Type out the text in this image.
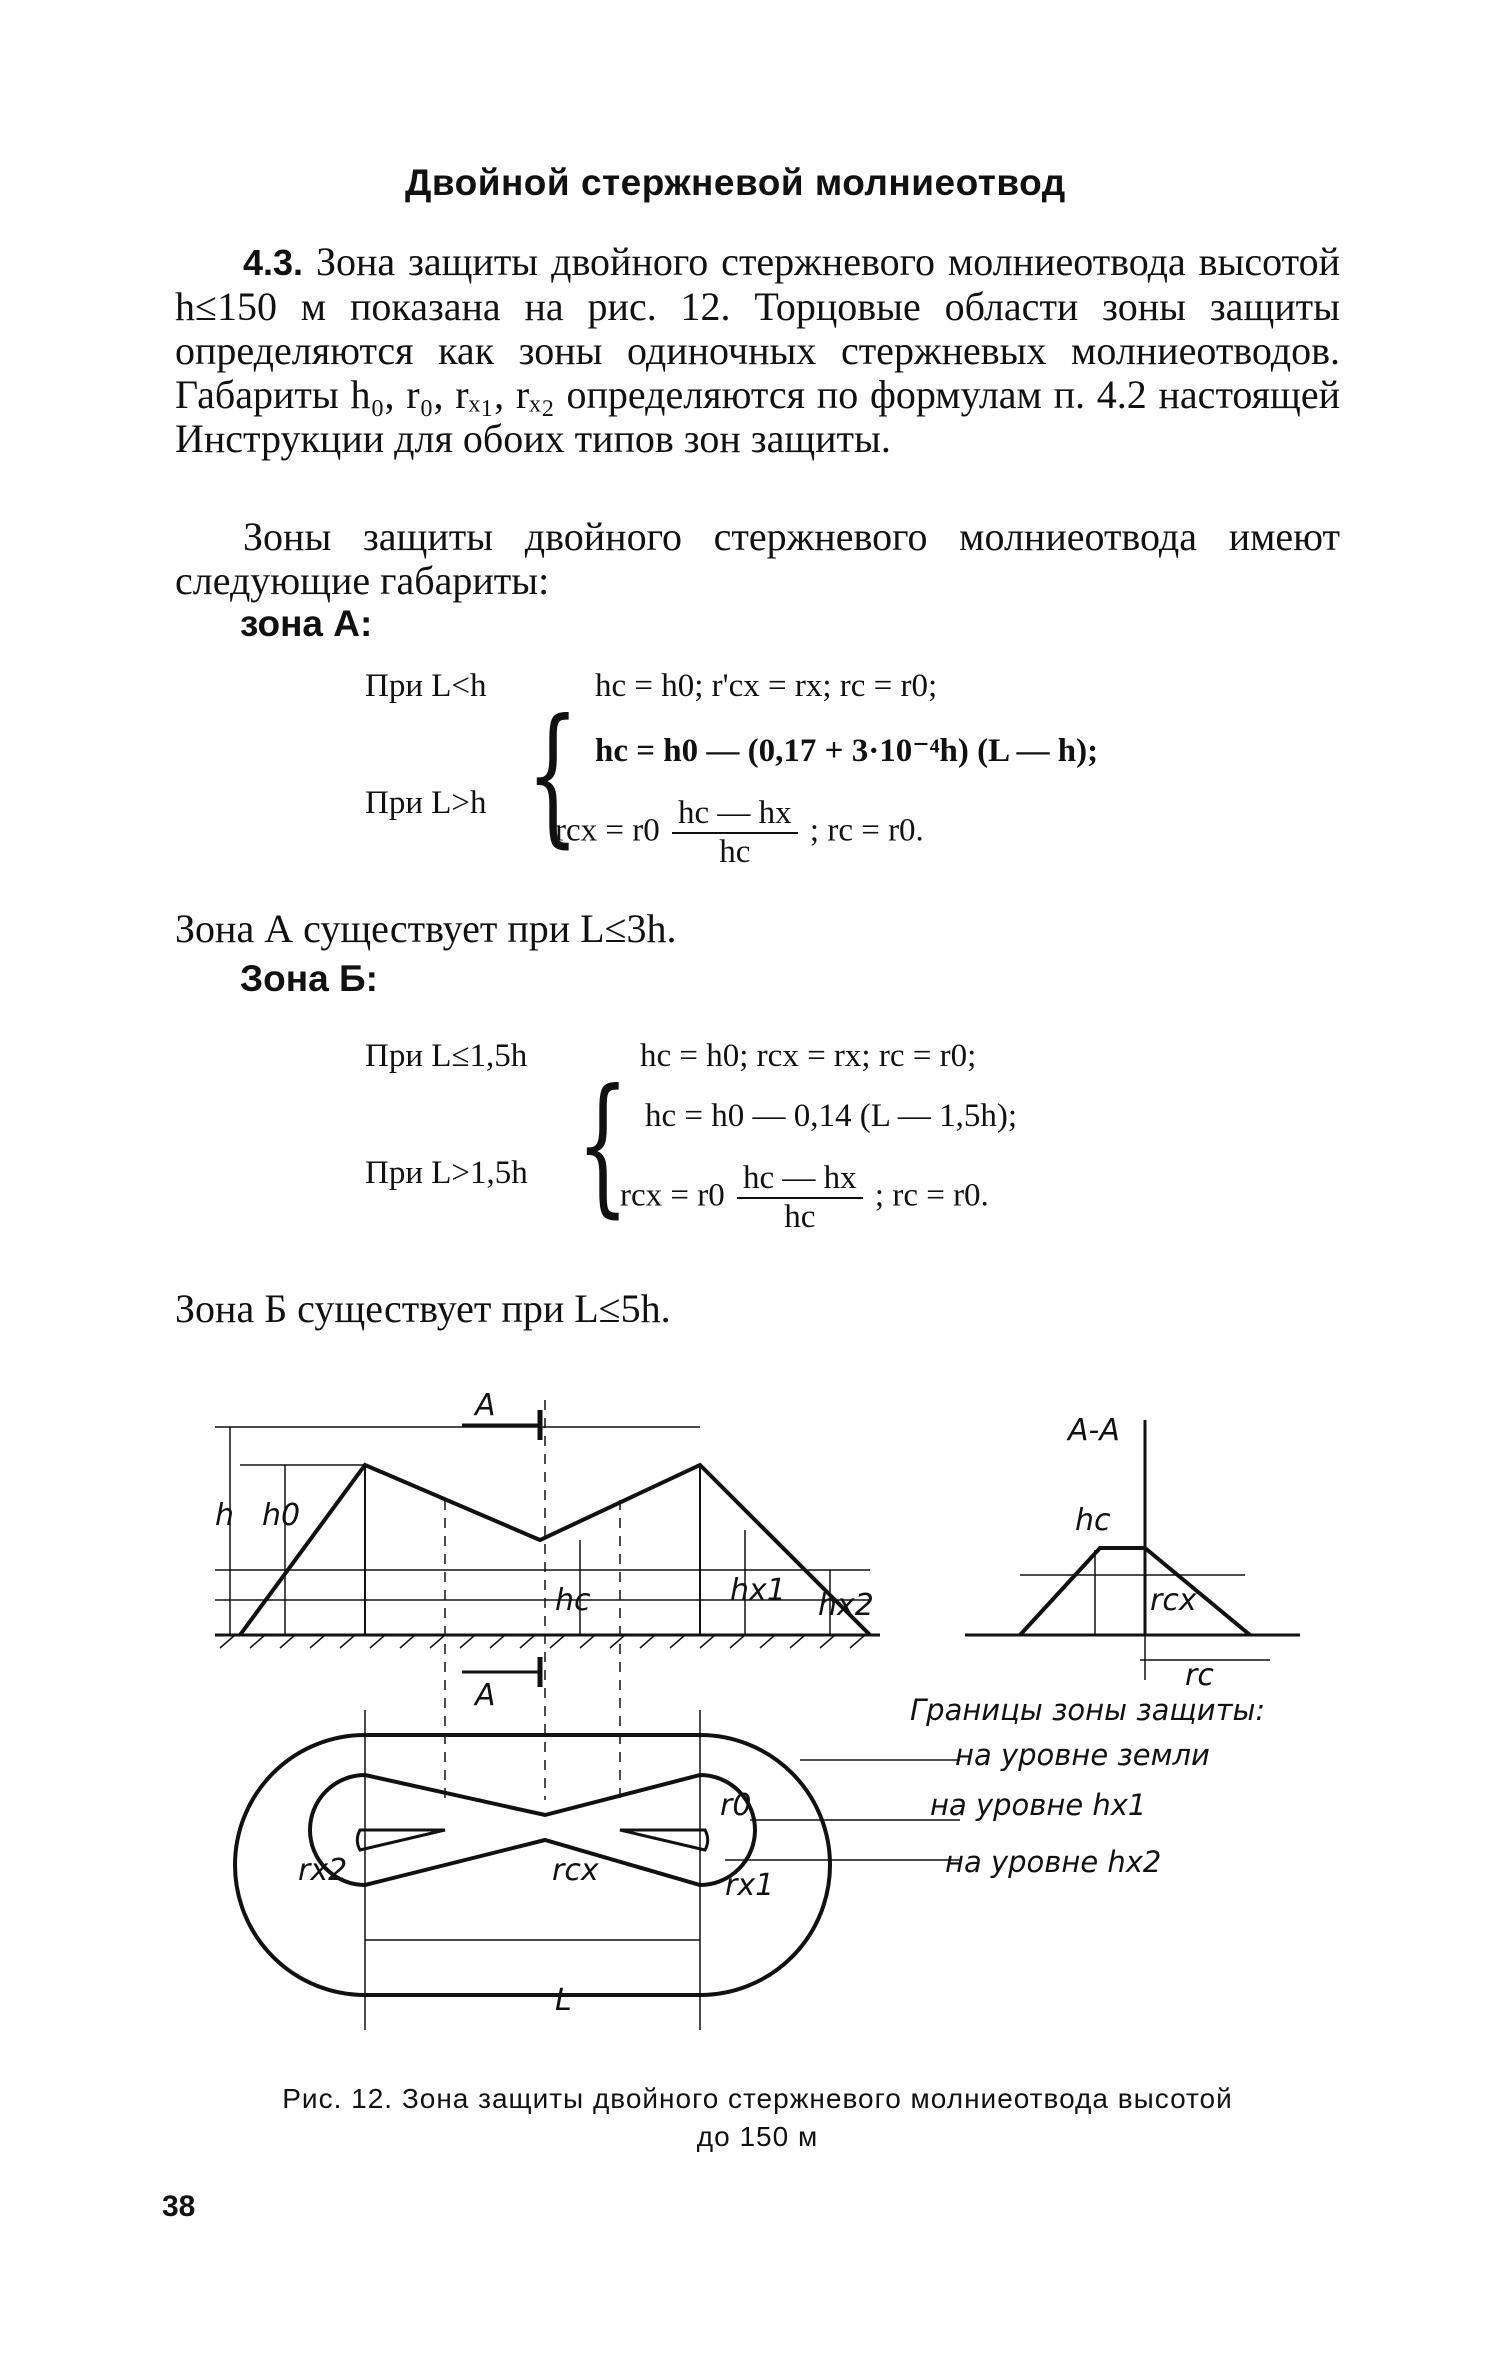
Двойной стержневой молниеотвод
4.3. Зона защиты двойного стержневого молниеотвода высотой h≤150 м показана на рис. 12. Торцовые области зоны защиты определяются как зоны одиночных стержневых молниеотводов. Габариты h₀, r₀, rₓ₁, rₓ₂ определяются по формулам п. 4.2 настоящей Инструкции для обоих типов зон защиты.
Зоны защиты двойного стержневого молниеотвода имеют следующие габариты:
зона А:
При L<h	hc = h0; r'cx = rx; rc = r0;
При L>h { hc = h0 — (0,17 + 3·10⁻⁴h) (L — h);
rcx = $r0 \frac{hc — hx}{hc}$ ; rc = r0.
Зона А существует при L≤3h.
Зона Б:
При L≤1,5h	hc = h0; rcx = rx; rc = r0;
При L>1,5h { hc = h0 — 0,14 (L — 1,5h);
rcx = $r0 \frac{hc — hx}{hc}$ ; rc = r0.
Зона Б существует при L≤5h.
A
A
A-A
h h0
hc	hx1 hx2
hc
rcx
rc
r0
rx1
rx2	rcx
L
Границы зоны защиты:
на уровне земли
на уровне hx1
на уровне hx2
Рис. 12. Зона защиты двойного стержневого молниеотвода высотой
до 150 м
38
